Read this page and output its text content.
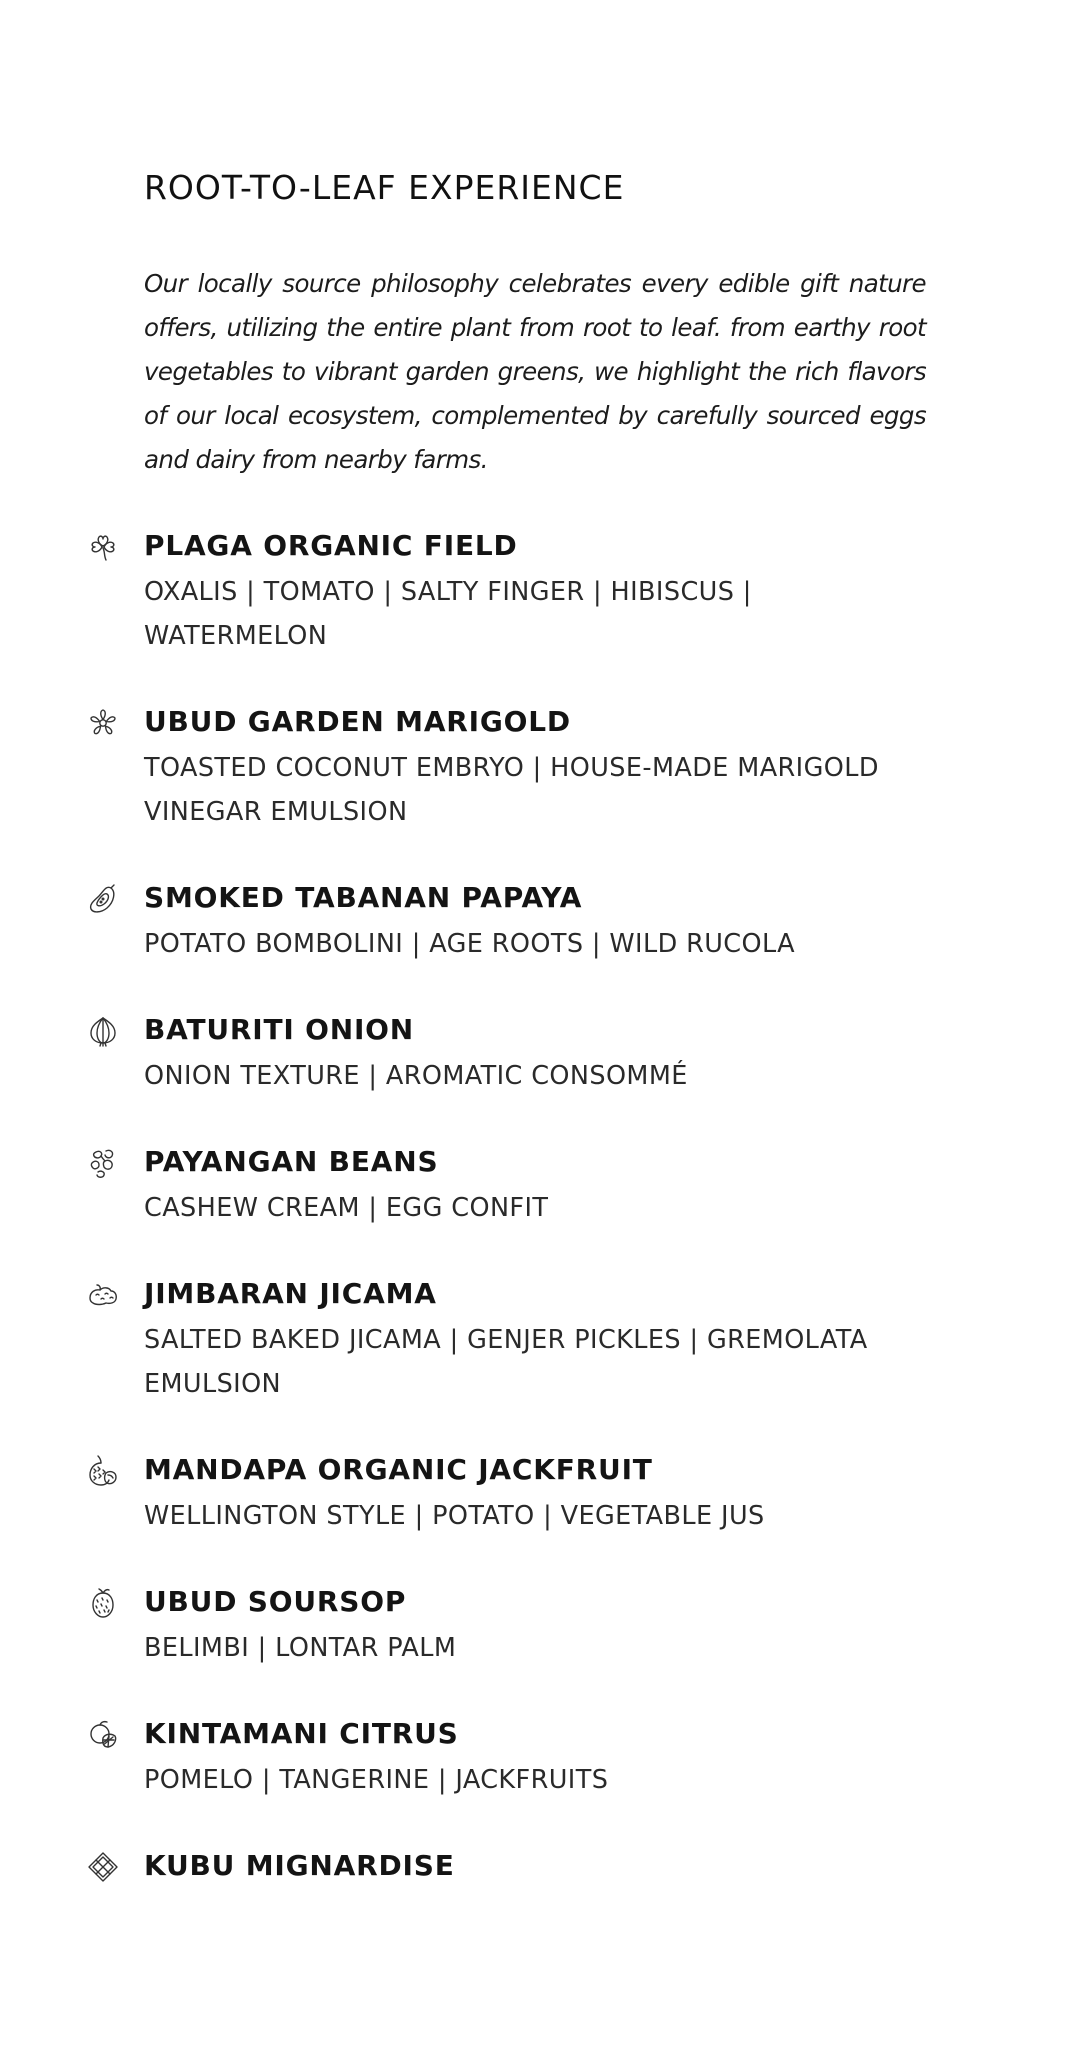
ROOT-TO-LEAF EXPERIENCE

Our locally source philosophy celebrates every edible gift nature offers, utilizing the entire plant from root to leaf. from earthy root vegetables to vibrant garden greens, we highlight the rich flavors of our local ecosystem, complemented by carefully sourced eggs and dairy from nearby farms.

PLAGA ORGANIC FIELD

OXALIS | TOMATO | SALTY FINGER | HIBISCUS | WATERMELON

UBUD GARDEN MARIGOLD

TOASTED COCONUT EMBRYO | HOUSE-MADE MARIGOLD VINEGAR EMULSION

SMOKED TABANAN PAPAYA

POTATO BOMBOLINI | AGE ROOTS | WILD RUCOLA

BATURITI ONION

ONION TEXTURE | AROMATIC CONSOMMÉ

PAYANGAN BEANS

CASHEW CREAM | EGG CONFIT

JIMBARAN JICAMA

SALTED BAKED JICAMA | GENJER PICKLES | GREMOLATA EMULSION

MANDAPA ORGANIC JACKFRUIT

WELLINGTON STYLE | POTATO | VEGETABLE JUS

UBUD SOURSOP

BELIMBI | LONTAR PALM

KINTAMANI CITRUS

POMELO | TANGERINE | JACKFRUITS

KUBU MIGNARDISE
